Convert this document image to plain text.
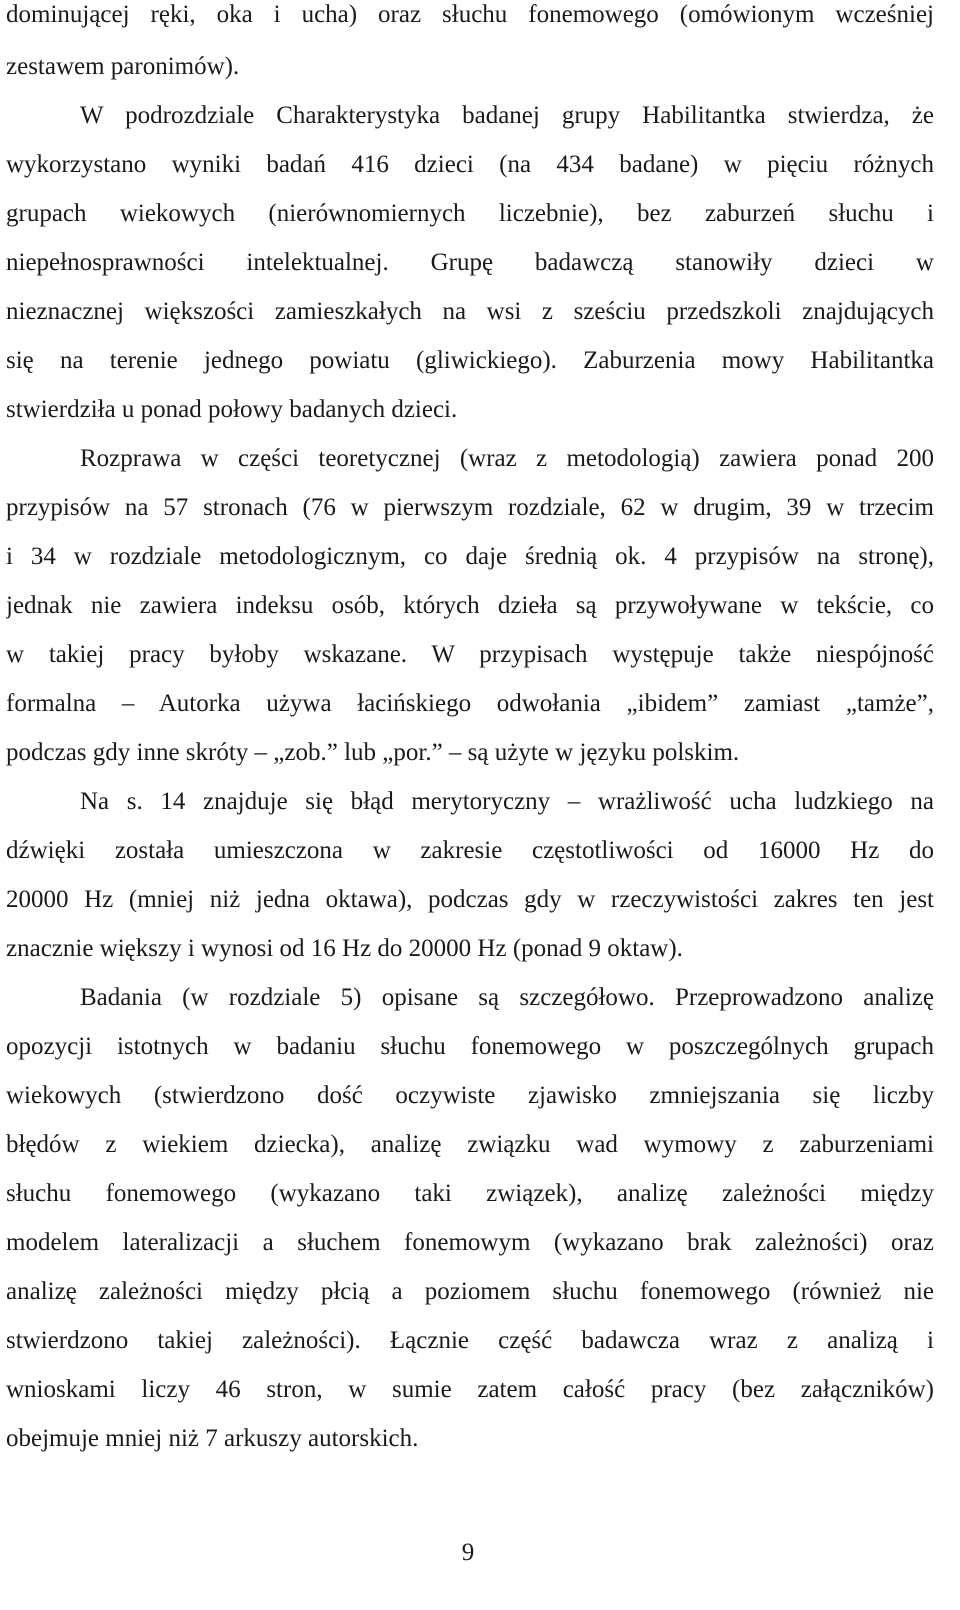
dominującej ręki, oka i ucha) oraz słuchu fonemowego (omówionym wcześniej
zestawem paronimów).
W podrozdziale Charakterystyka badanej grupy Habilitantka stwierdza, że
wykorzystano wyniki badań 416 dzieci (na 434 badane) w pięciu różnych
grupach wiekowych (nierównomiernych liczebnie), bez zaburzeń słuchu i
niepełnosprawności intelektualnej. Grupę badawczą stanowiły dzieci w
nieznacznej większości zamieszkałych na wsi z sześciu przedszkoli znajdujących
się na terenie jednego powiatu (gliwickiego). Zaburzenia mowy Habilitantka
stwierdziła u ponad połowy badanych dzieci.
Rozprawa w części teoretycznej (wraz z metodologią) zawiera ponad 200
przypisów na 57 stronach (76 w pierwszym rozdziale, 62 w drugim, 39 w trzecim
i 34 w rozdziale metodologicznym, co daje średnią ok. 4 przypisów na stronę),
jednak nie zawiera indeksu osób, których dzieła są przywoływane w tekście, co
w takiej pracy byłoby wskazane. W przypisach występuje także niespójność
formalna – Autorka używa łacińskiego odwołania „ibidem” zamiast „tamże”,
podczas gdy inne skróty – „zob.” lub „por.” – są użyte w języku polskim.
Na s. 14 znajduje się błąd merytoryczny – wrażliwość ucha ludzkiego na
dźwięki została umieszczona w zakresie częstotliwości od 16000 Hz do
20000 Hz (mniej niż jedna oktawa), podczas gdy w rzeczywistości zakres ten jest
znacznie większy i wynosi od 16 Hz do 20000 Hz (ponad 9 oktaw).
Badania (w rozdziale 5) opisane są szczegółowo. Przeprowadzono analizę
opozycji istotnych w badaniu słuchu fonemowego w poszczególnych grupach
wiekowych (stwierdzono dość oczywiste zjawisko zmniejszania się liczby
błędów z wiekiem dziecka), analizę związku wad wymowy z zaburzeniami
słuchu fonemowego (wykazano taki związek), analizę zależności między
modelem lateralizacji a słuchem fonemowym (wykazano brak zależności) oraz
analizę zależności między płcią a poziomem słuchu fonemowego (również nie
stwierdzono takiej zależności). Łącznie część badawcza wraz z analizą i
wnioskami liczy 46 stron, w sumie zatem całość pracy (bez załączników)
obejmuje mniej niż 7 arkuszy autorskich.
9
